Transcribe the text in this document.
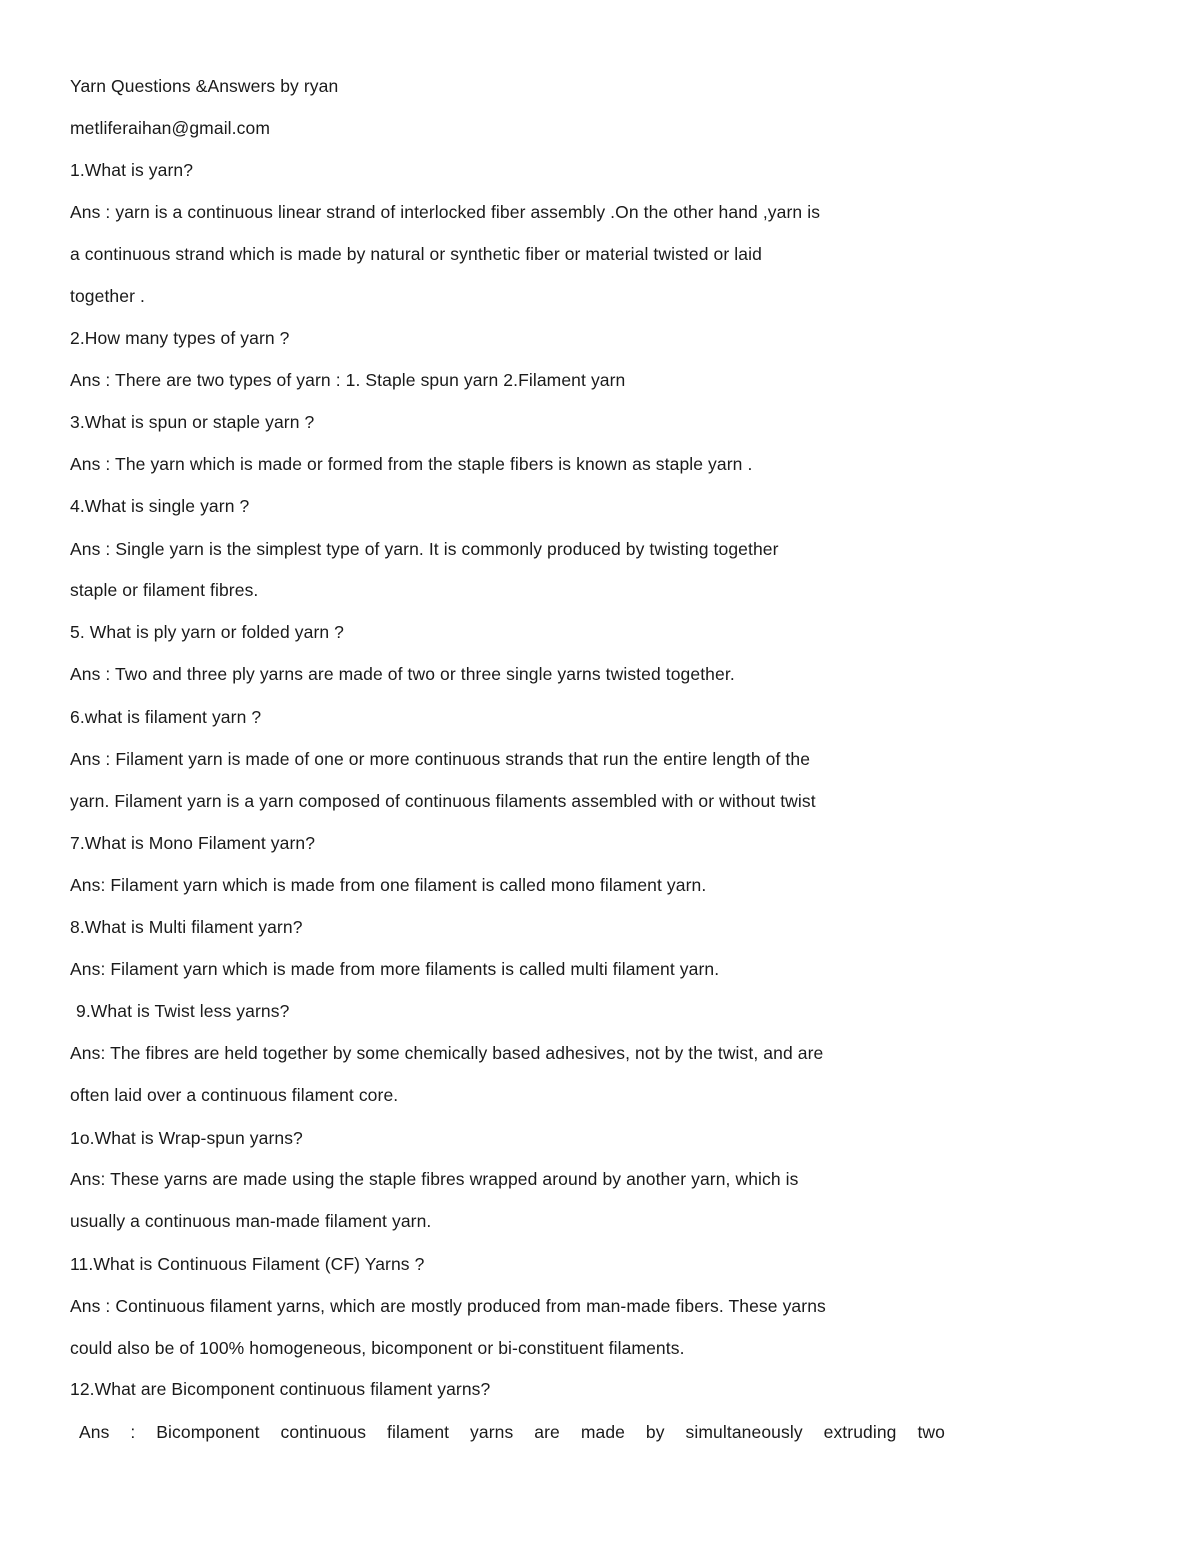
Yarn Questions &Answers by ryan
metliferaihan@gmail.com
1.What is yarn?
Ans : yarn is a continuous linear strand of interlocked fiber assembly .On the other hand ,yarn is
a continuous strand which is made by natural or synthetic fiber or material twisted or laid
together .
2.How many types of yarn ?
Ans : There are two types of yarn : 1. Staple spun yarn 2.Filament yarn
3.What is spun or staple yarn ?
Ans : The yarn which is made or formed from the staple fibers is known as staple yarn .
4.What is single yarn ?
Ans : Single yarn is the simplest type of yarn. It is commonly produced by twisting together
staple or filament fibres.
5. What is ply yarn or folded yarn ?
Ans : Two and three ply yarns are made of two or three single yarns twisted together.
6.what is filament yarn ?
Ans : Filament yarn is made of one or more continuous strands that run the entire length of the
yarn. Filament yarn is a yarn composed of continuous filaments assembled with or without twist
7.What is Mono Filament yarn?
Ans: Filament yarn which is made from one filament is called mono filament yarn.
8.What is Multi filament yarn?
Ans: Filament yarn which is made from more filaments is called multi filament yarn.
9.What is Twist less yarns?
Ans: The fibres are held together by some chemically based adhesives, not by the twist, and are
often laid over a continuous filament core.
1o.What is Wrap-spun yarns?
Ans: These yarns are made using the staple fibres wrapped around by another yarn, which is
usually a continuous man-made filament yarn.
11.What is Continuous Filament (CF) Yarns ?
Ans : Continuous filament yarns, which are mostly produced from man-made fibers. These yarns
could also be of 100% homogeneous, bicomponent or bi-constituent filaments.
12.What are Bicomponent continuous filament yarns?
Ans : Bicomponent continuous filament yarns are made by simultaneously extruding two
